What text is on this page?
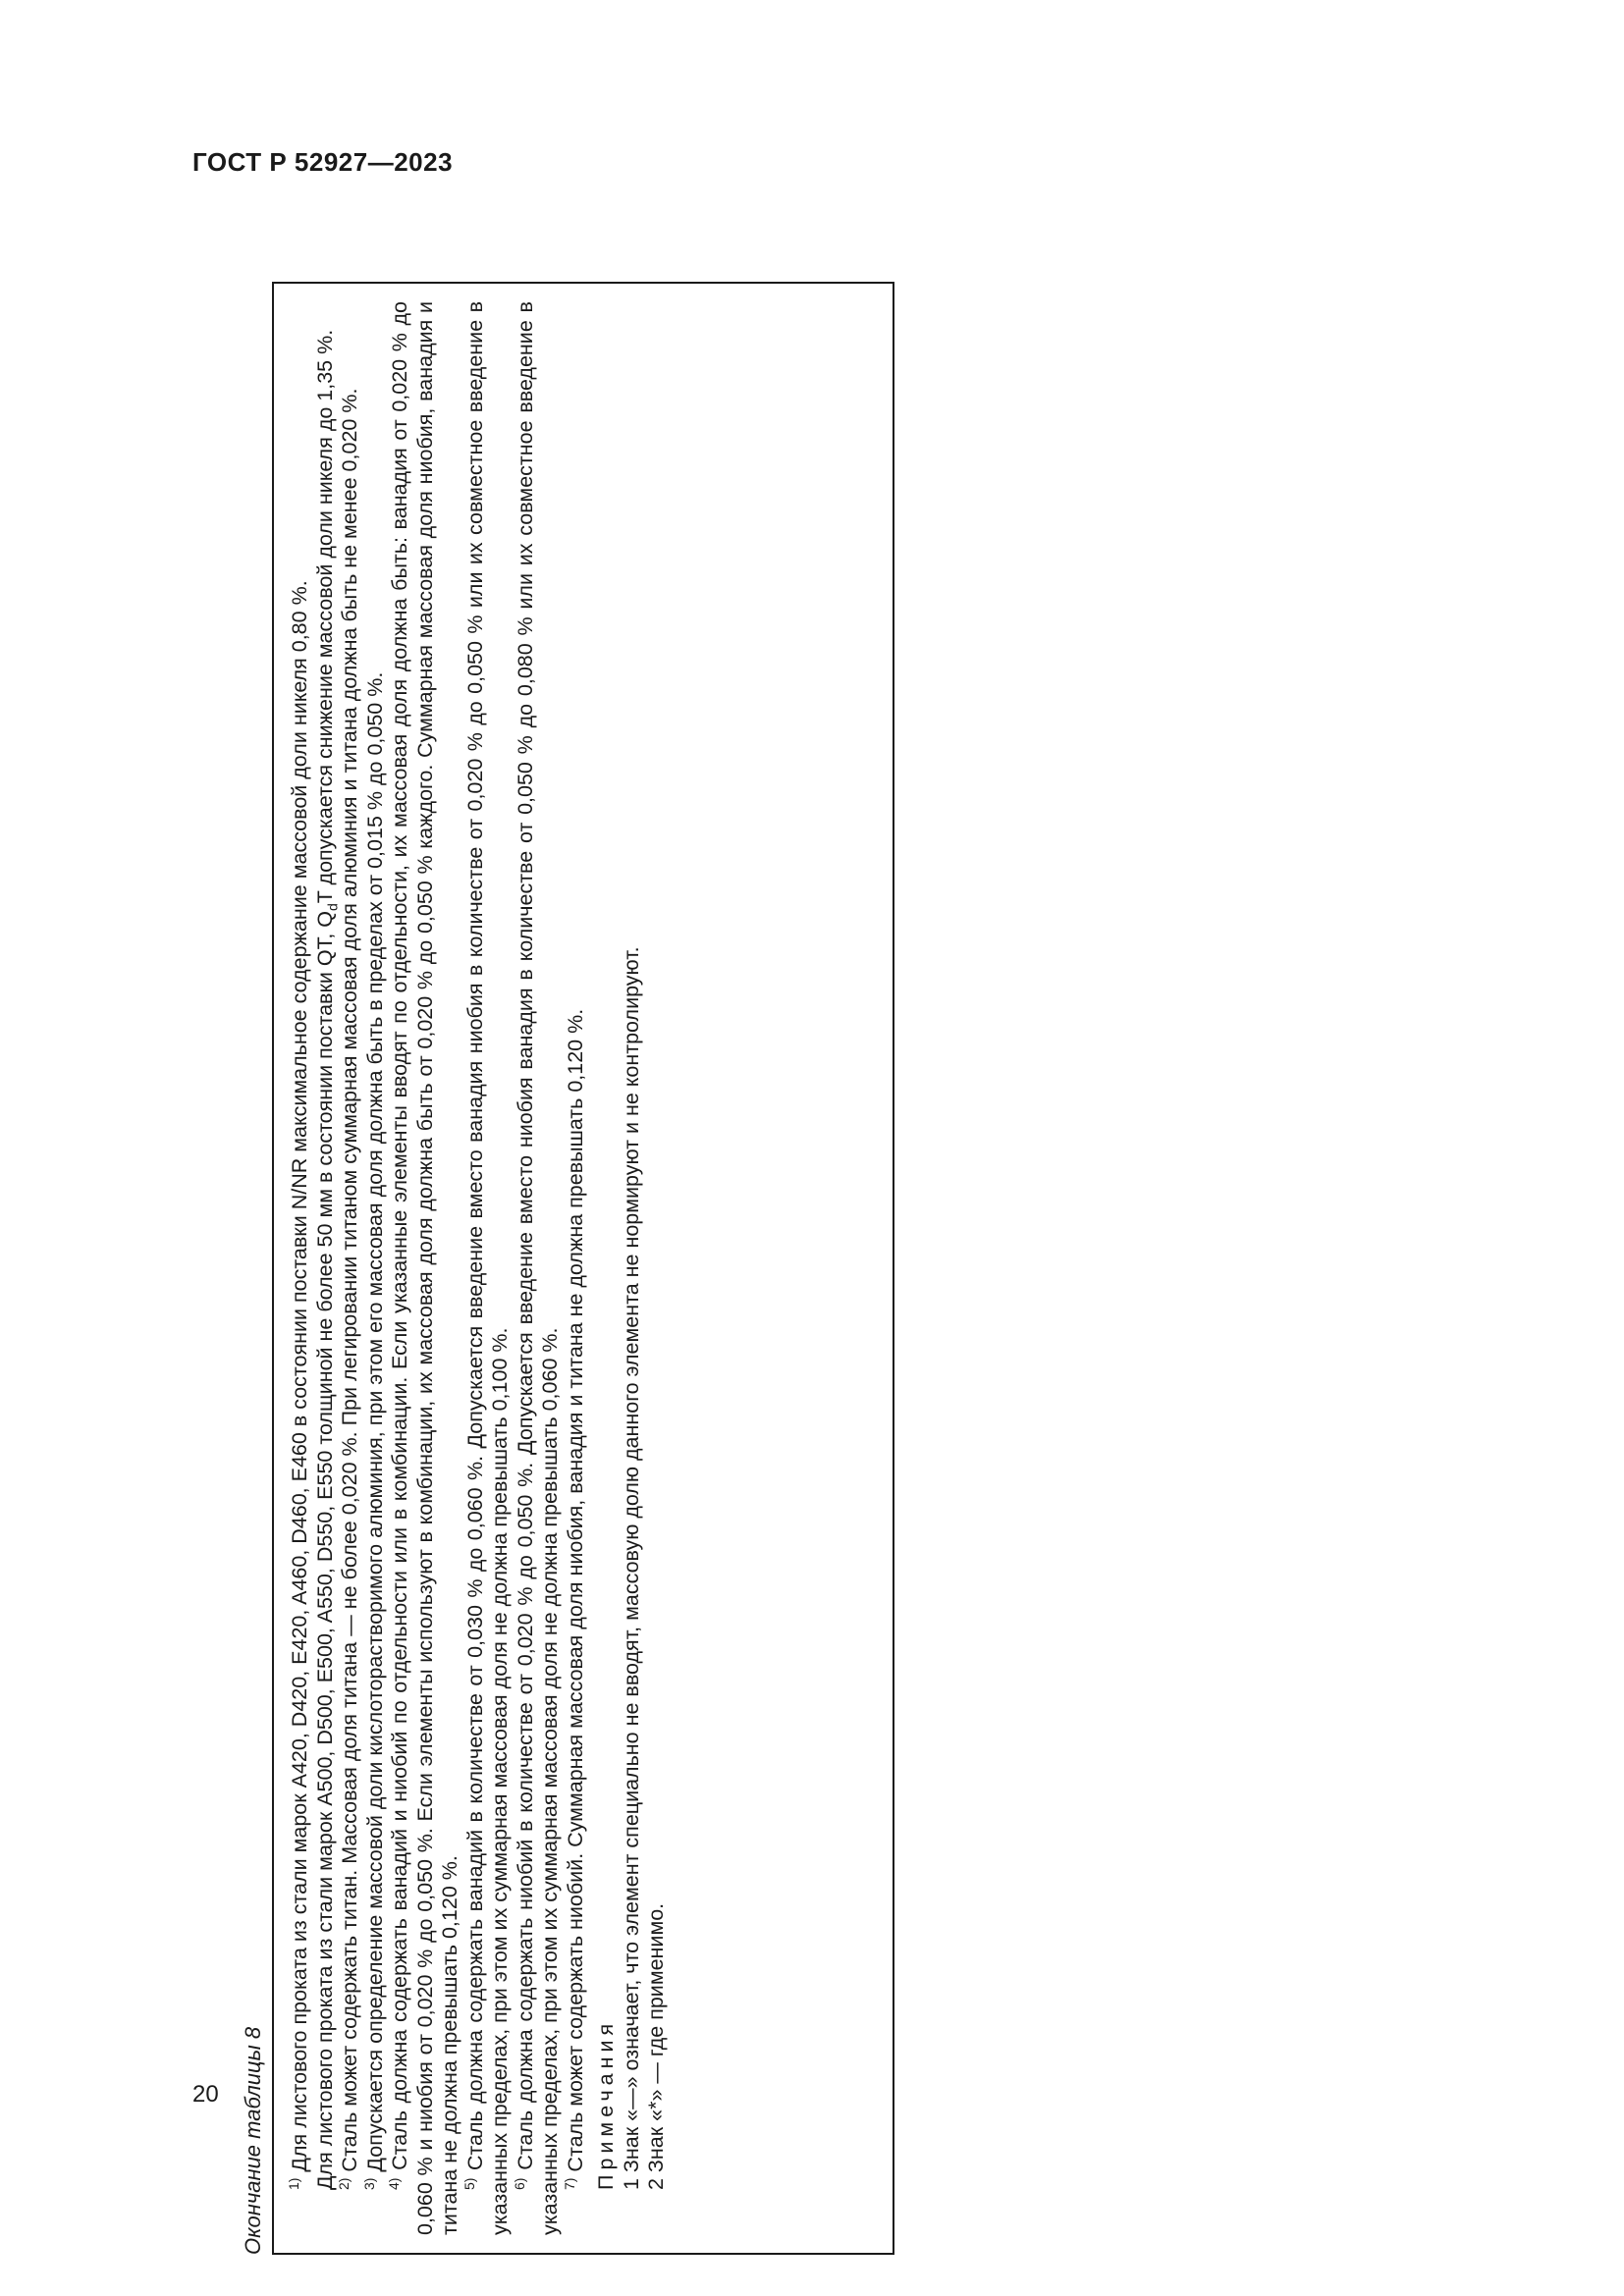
ГОСТ Р 52927—2023
Окончание таблицы 8	$^{1)}$ Для листового проката из стали марок A420, D420, E420, A460, D460, E460 в состоянии поставки N/NR максимальное содержание массовой доли никеля 0,80 %. Для листового проката из стали марок A500, D500, E500, A550, D550, E550 толщиной не более 50 мм в состоянии поставки QT, $Q_dT$ допускается снижение массовой доли никеля до 1,35 %.

$^{2)}$ Сталь может содержать титан. Массовая доля титана — не более 0,020 %. При легировании титаном суммарная массовая доля алюминия и титана должна быть не менее 0,020 %.

$^{3)}$ Допускается определение массовой доли кислоторастворимого алюминия, при этом его массовая доля должна быть в пределах от 0,015 % до 0,050 %.

$^{4)}$ Сталь должна содержать ванадий и ниобий по отдельности или в комбинации. Если указанные элементы вводят по отдельности, их массовая доля должна быть: ванадия от 0,020 % до 0,060 % и ниобия от 0,020 % до 0,050 %. Если элементы используют в комбинации, их массовая доля должна быть от 0,020 % до 0,050 % каждого. Суммарная массовая доля ниобия, ванадия и титана не должна превышать 0,120 %. $^{5)}$ Сталь должна содержать ванадий в количестве от 0,030 % до 0,060 %. Допускается введение вместо ванадия ниобия в количестве от 0,020 % до 0,050 % или их совместное введение в указанных пределах, при этом их суммарная массовая доля не должна превышать 0,100 %. $^{6)}$ Сталь должна содержать ниобий в количестве от 0,020 % до 0,050 %. Допускается введение вместо ниобия ванадия в количестве от 0,050 % до 0,080 % или их совместное введение в указанных пределах, при этом их суммарная массовая доля не должна превышать 0,060 %. $^{7)}$ Сталь может содержать ниобий. Суммарная массовая доля ниобия, ванадия и титана не должна превышать 0,120 %. Примечания 1 Знак «—» означает, что элемент специально не вводят, массовую долю данного элемента не нормируют и не контролируют. 2 Знак «*» — где применимо.

20
